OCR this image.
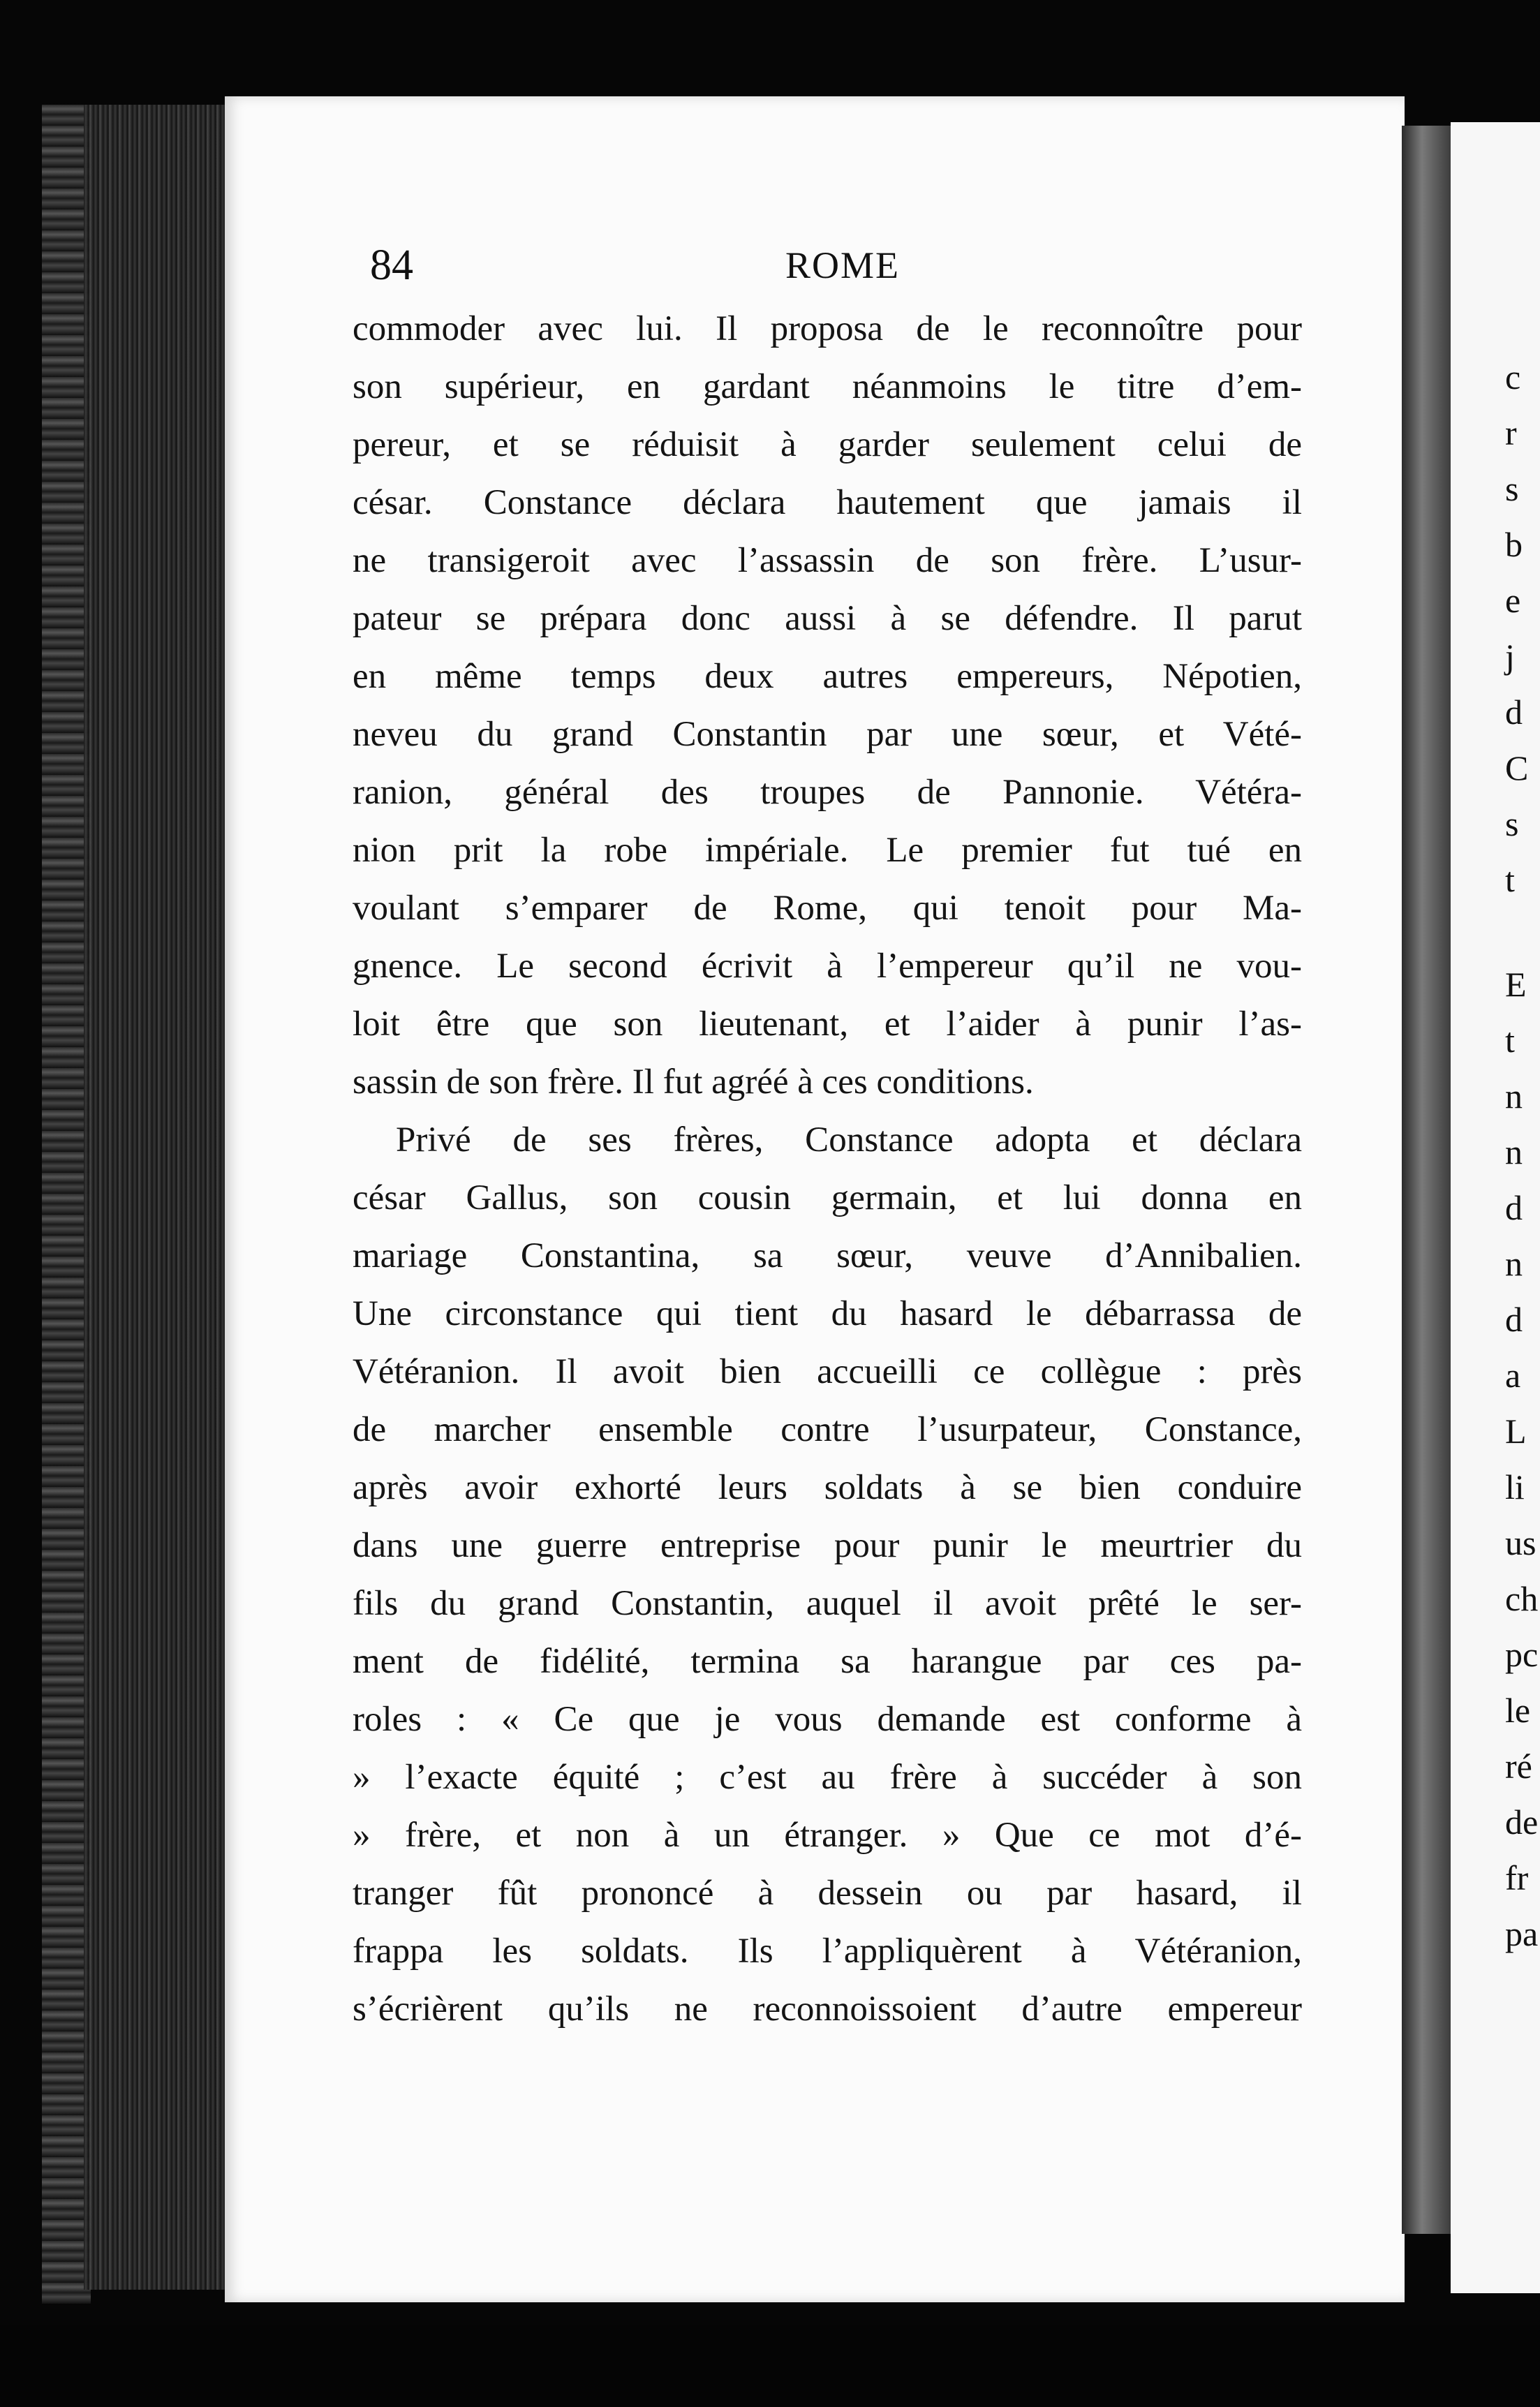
84	ROME

commoder avec lui. Il proposa de le reconnoître pour
son supérieur, en gardant néanmoins le titre d’em-
pereur, et se réduisit à garder seulement celui de
césar. Constance déclara hautement que jamais il
ne transigeroit avec l’assassin de son frère. L’usur-
pateur se prépara donc aussi à se défendre. Il parut
en même temps deux autres empereurs, Népotien,
neveu du grand Constantin par une sœur, et Vété-
ranion, général des troupes de Pannonie. Vétéra-
nion prit la robe impériale. Le premier fut tué en
voulant s’emparer de Rome, qui tenoit pour Ma-
gnence. Le second écrivit à l’empereur qu’il ne vou-
loit être que son lieutenant, et l’aider à punir l’as-
sassin de son frère. Il fut agréé à ces conditions.
Privé de ses frères, Constance adopta et déclara
césar Gallus, son cousin germain, et lui donna en
mariage Constantina, sa sœur, veuve d’Annibalien.
Une circonstance qui tient du hasard le débarrassa de
Vétéranion. Il avoit bien accueilli ce collègue : près
de marcher ensemble contre l’usurpateur, Constance,
après avoir exhorté leurs soldats à se bien conduire
dans une guerre entreprise pour punir le meurtrier du
fils du grand Constantin, auquel il avoit prêté le ser-
ment de fidélité, termina sa harangue par ces pa-
roles : « Ce que je vous demande est conforme à
» l’exacte équité ; c’est au frère à succéder à son
» frère, et non à un étranger. » Que ce mot d’é-
tranger fût prononcé à dessein ou par hasard, il
frappa les soldats. Ils l’appliquèrent à Vétéranion,
s’écrièrent qu’ils ne reconnoissoient d’autre empereur

c

r

s

b

e

j

d

C

s

t

E

t

n

n

d

n

d

a

L

li

us

ch

pc

le

ré

de

fr

pa
